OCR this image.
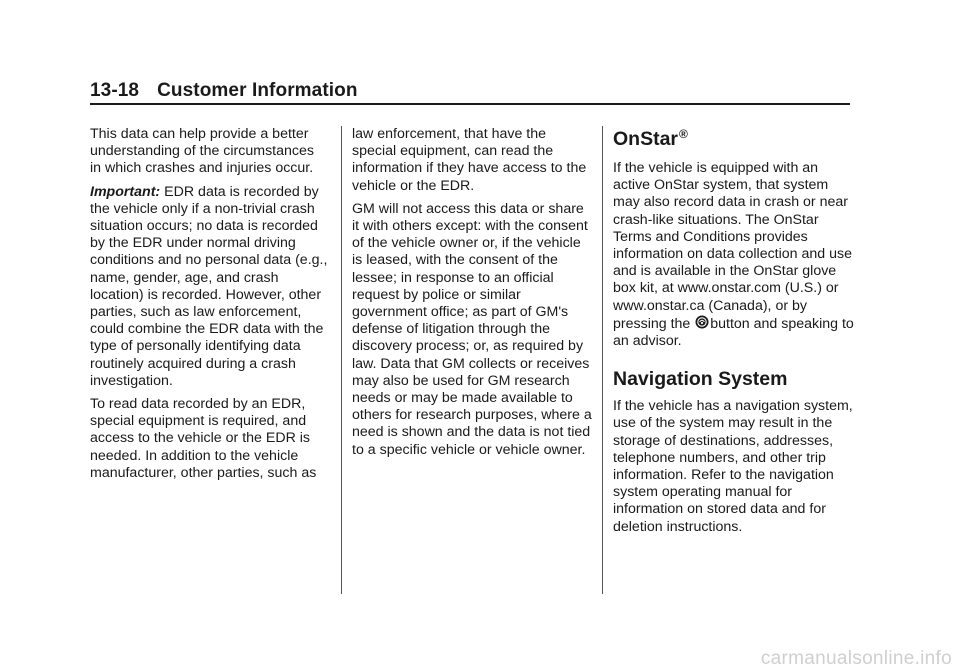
13-18 Customer Information

This data can help provide a better understanding of the circumstances in which crashes and injuries occur.

Important: EDR data is recorded by the vehicle only if a non-trivial crash situation occurs; no data is recorded by the EDR under normal driving conditions and no personal data (e.g., name, gender, age, and crash location) is recorded. However, other parties, such as law enforcement, could combine the EDR data with the type of personally identifying data routinely acquired during a crash investigation.

To read data recorded by an EDR, special equipment is required, and access to the vehicle or the EDR is needed. In addition to the vehicle manufacturer, other parties, such as

law enforcement, that have the special equipment, can read the information if they have access to the vehicle or the EDR.

GM will not access this data or share it with others except: with the consent of the vehicle owner or, if the vehicle is leased, with the consent of the lessee; in response to an official request by police or similar government office; as part of GM's defense of litigation through the discovery process; or, as required by law. Data that GM collects or receives may also be used for GM research needs or may be made available to others for research purposes, where a need is shown and the data is not tied to a specific vehicle or vehicle owner.

OnStar®

If the vehicle is equipped with an active OnStar system, that system may also record data in crash or near crash-like situations. The OnStar Terms and Conditions provides information on data collection and use and is available in the OnStar glove box kit, at www.onstar.com (U.S.) or www.onstar.ca (Canada), or by pressing the button and speaking to an advisor.

Navigation System

If the vehicle has a navigation system, use of the system may result in the storage of destinations, addresses, telephone numbers, and other trip information. Refer to the navigation system operating manual for information on stored data and for deletion instructions.

carmanualsonline.info
